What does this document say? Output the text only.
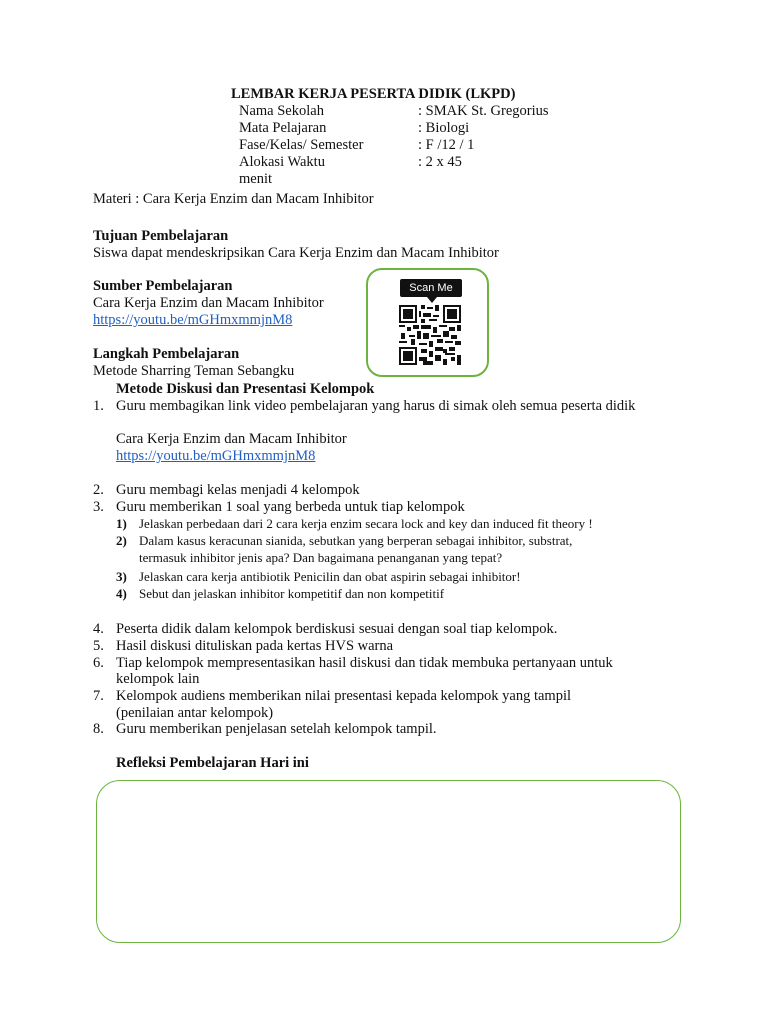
LEMBAR KERJA PESERTA DIDIK (LKPD)
Nama Sekolah	: SMAK St. Gregorius
Mata Pelajaran	: Biologi
Fase/Kelas/ Semester	: F /12 / 1
Alokasi Waktu	: 2 x 45
menit
Materi : Cara Kerja Enzim dan Macam Inhibitor
Tujuan Pembelajaran
Siswa dapat mendeskripsikan Cara Kerja Enzim dan Macam Inhibitor
Sumber Pembelajaran
Cara Kerja Enzim dan Macam Inhibitor
https://youtu.be/mGHmxmmjnM8
Scan Me
Langkah Pembelajaran
Metode Sharring Teman Sebangku
Metode Diskusi dan Presentasi Kelompok
1. Guru membagikan link video pembelajaran yang harus di simak oleh semua peserta didik
Cara Kerja Enzim dan Macam Inhibitor
https://youtu.be/mGHmxmmjnM8
2. Guru membagi kelas menjadi 4 kelompok
3. Guru memberikan 1 soal yang berbeda untuk tiap kelompok
1) Jelaskan perbedaan dari 2 cara kerja enzim secara lock and key dan induced fit theory !
2) Dalam kasus keracunan sianida, sebutkan yang berperan sebagai inhibitor, substrat,
termasuk inhibitor jenis apa? Dan bagaimana penanganan yang tepat?
3) Jelaskan cara kerja antibiotik Penicilin dan obat aspirin sebagai inhibitor!
4) Sebut dan jelaskan inhibitor kompetitif dan non kompetitif
4. Peserta didik dalam kelompok berdiskusi sesuai dengan soal tiap kelompok.
5. Hasil diskusi dituliskan pada kertas HVS warna
6. Tiap kelompok mempresentasikan hasil diskusi dan tidak membuka pertanyaan untuk
kelompok lain
7. Kelompok audiens memberikan nilai presentasi kepada kelompok yang tampil
(penilaian antar kelompok)
8. Guru memberikan penjelasan setelah kelompok tampil.
Refleksi Pembelajaran Hari ini
